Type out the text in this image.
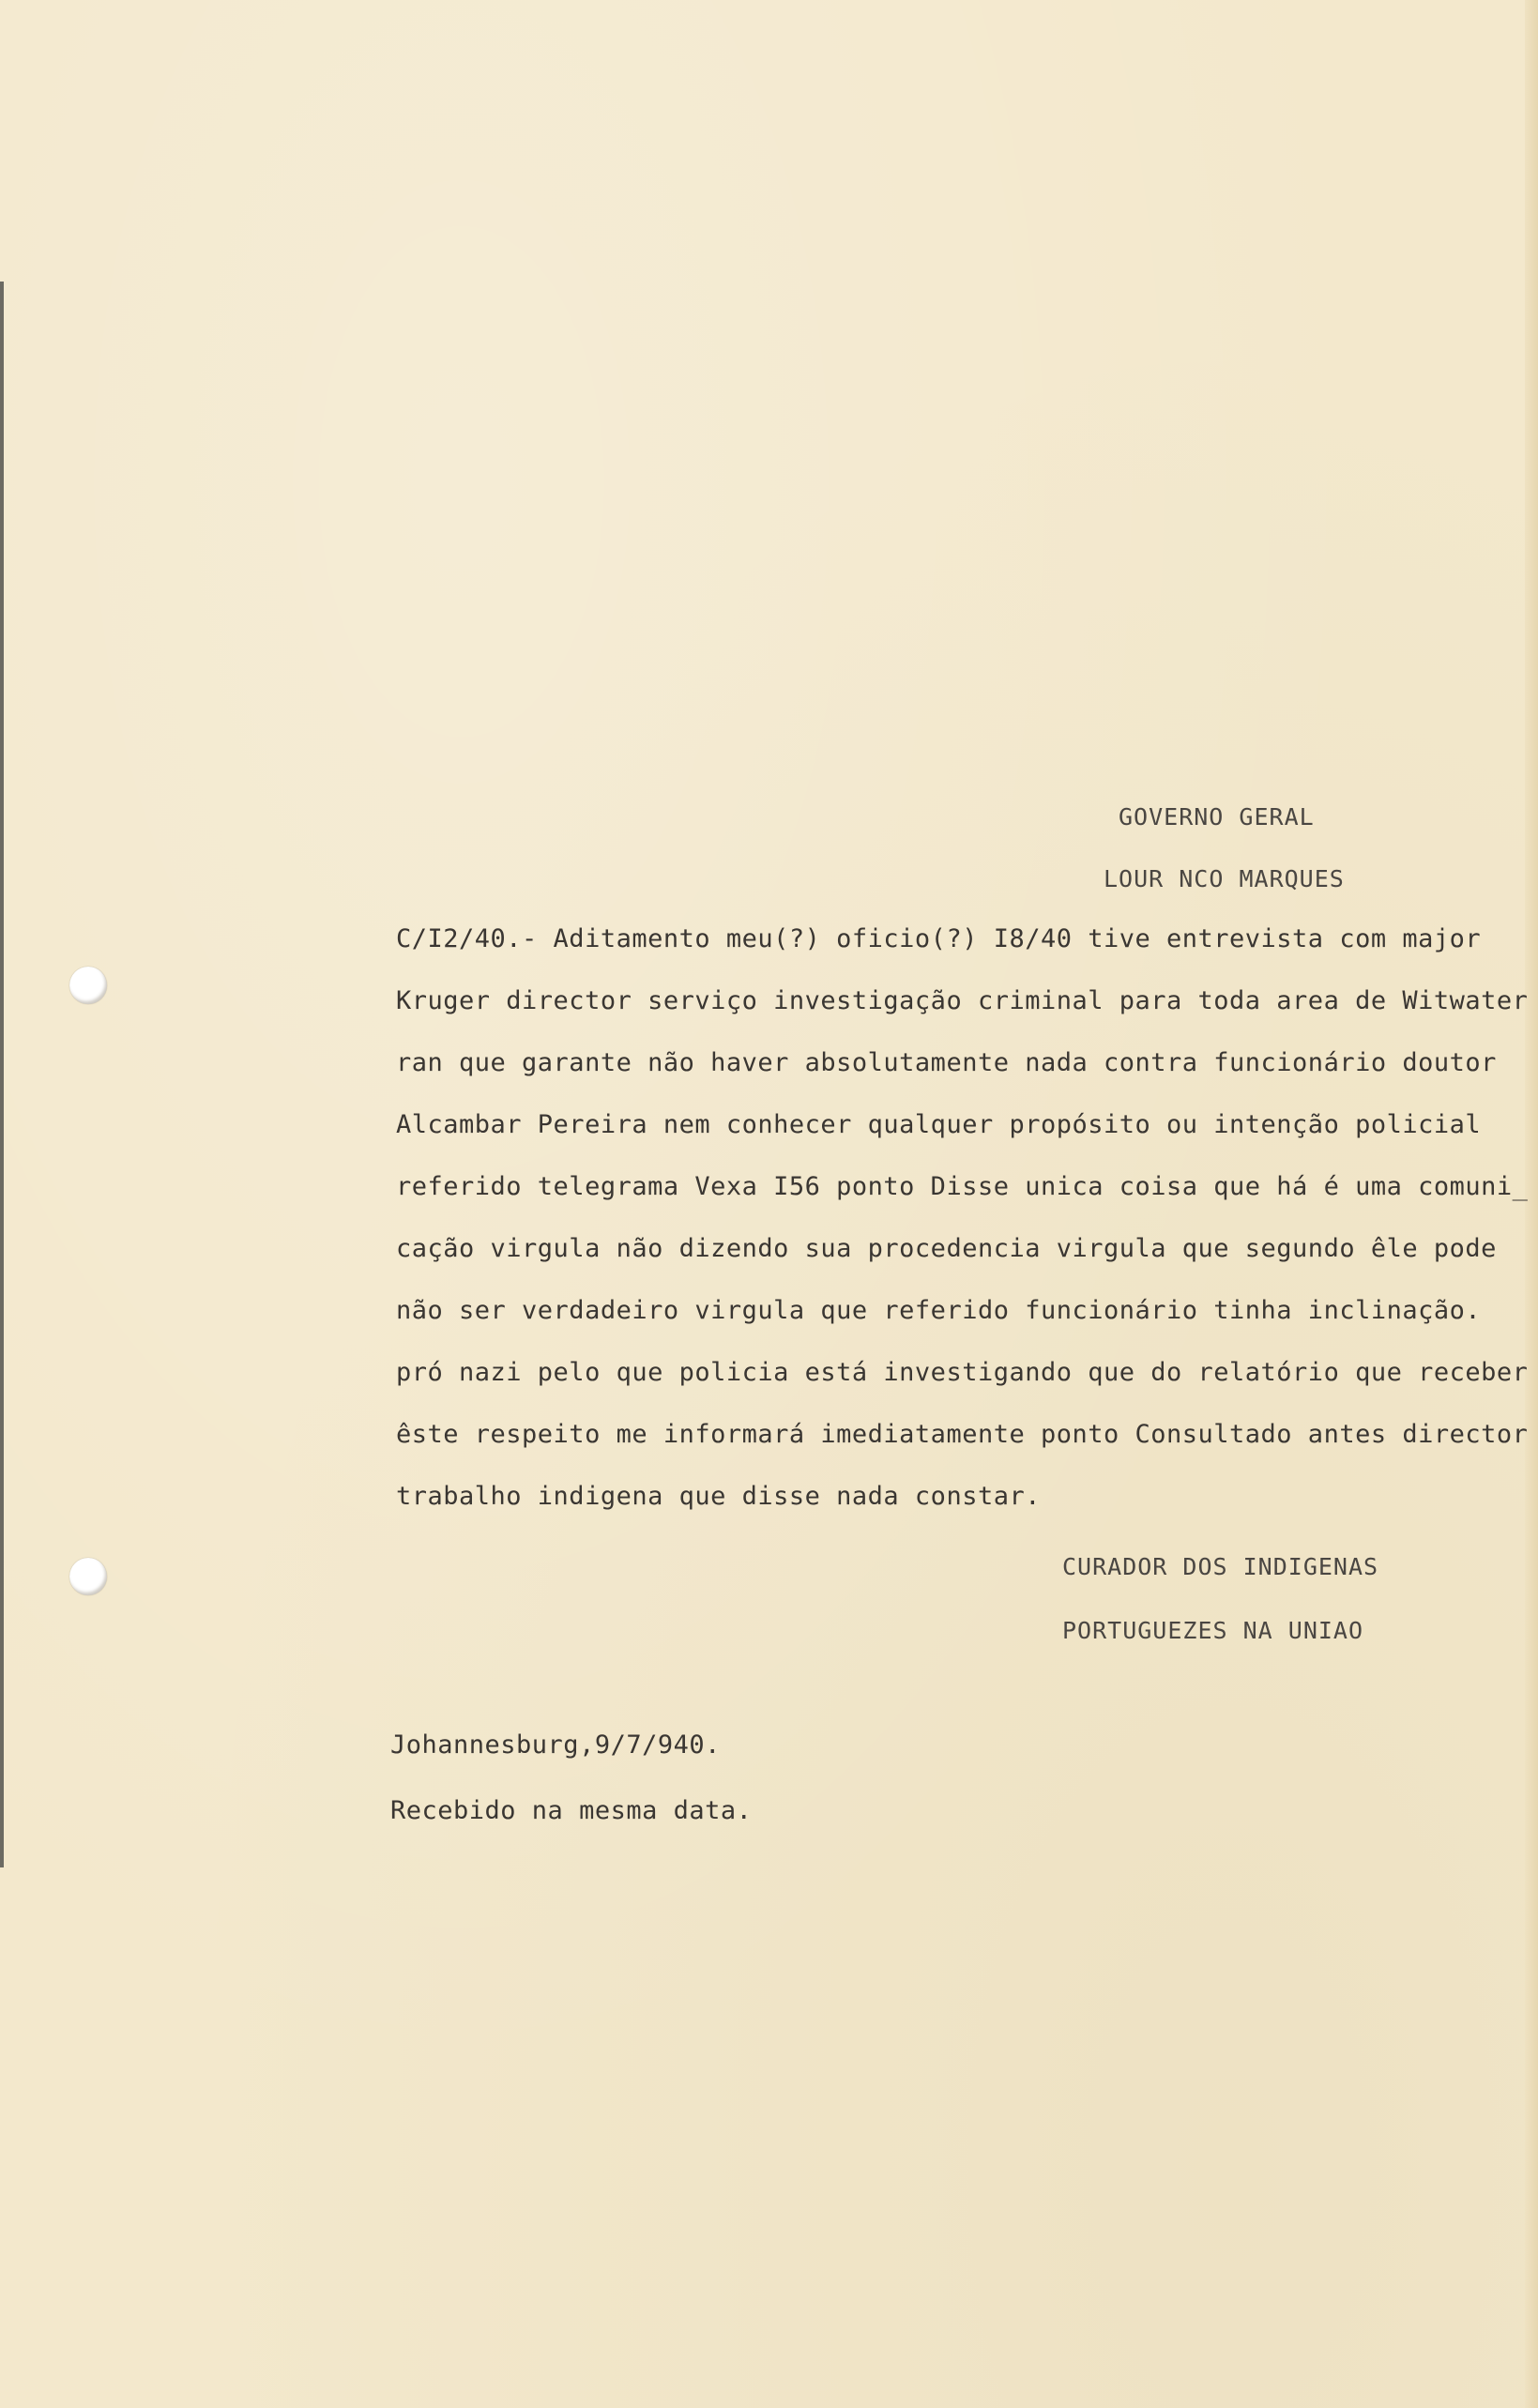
GOVERNO GERAL
LOUR NCO MARQUES
C/I2/40.- Aditamento meu(?) oficio(?) I8/40 tive entrevista com major
Kruger director serviço investigação criminal para toda area de Witwater
ran que garante não haver absolutamente nada contra funcionário doutor
Alcambar Pereira nem conhecer qualquer propósito ou intenção policial
referido telegrama Vexa I56 ponto Disse unica coisa que há é uma comuni_
cação virgula não dizendo sua procedencia virgula que segundo êle pode
não ser verdadeiro virgula que referido funcionário tinha inclinação.
pró nazi pelo que policia está investigando que do relatório que receber
êste respeito me informará imediatamente ponto Consultado antes director
trabalho indigena que disse nada constar.
CURADOR DOS INDIGENAS
PORTUGUEZES NA UNIAO
Johannesburg,9/7/940.
Recebido na mesma data.
